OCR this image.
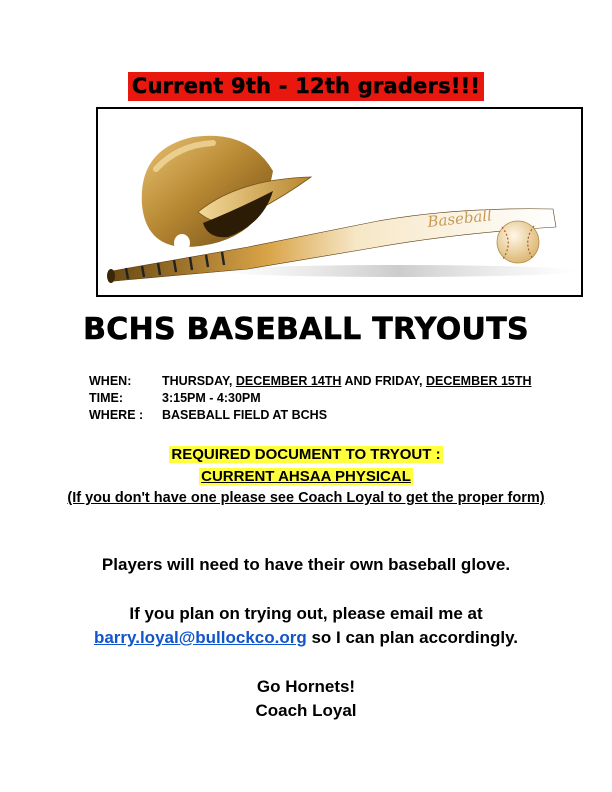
Current 9th - 12th graders!!!
Baseball
BCHS BASEBALL TRYOUTS
WHEN:	THURSDAY, DECEMBER 14TH AND FRIDAY, DECEMBER 15TH
TIME:	3:15PM - 4:30PM
WHERE :	BASEBALL FIELD AT BCHS
REQUIRED DOCUMENT TO TRYOUT :
CURRENT AHSAA PHYSICAL
(If you don't have one please see Coach Loyal to get the proper form)
Players will need to have their own baseball glove.
If you plan on trying out, please email me at
barry.loyal@bullockco.org so I can plan accordingly.
Go Hornets!
Coach Loyal
